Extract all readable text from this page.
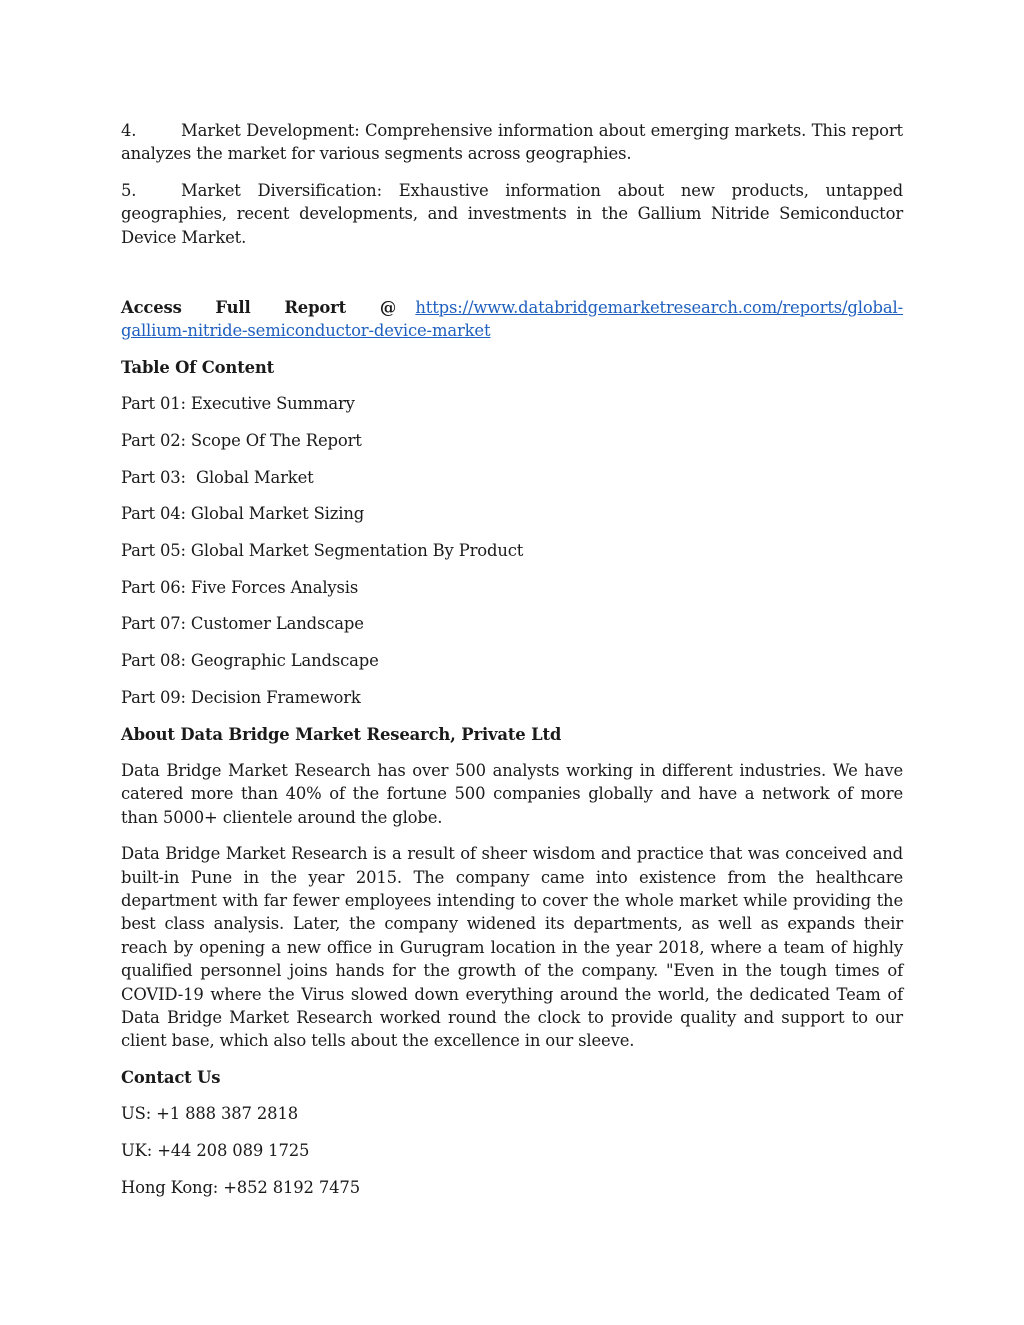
4.	Market Development: Comprehensive information about emerging markets. This report analyzes the market for various segments across geographies.

5.	Market Diversification: Exhaustive information about new products, untapped geographies, recent developments, and investments in the Gallium Nitride Semiconductor Device Market.

Access Full Report @ https://www.databridgemarketresearch.com/reports/global-gallium-nitride-semiconductor-device-market

Table Of Content

Part 01: Executive Summary

Part 02: Scope Of The Report

Part 03:  Global Market

Part 04: Global Market Sizing

Part 05: Global Market Segmentation By Product

Part 06: Five Forces Analysis

Part 07: Customer Landscape

Part 08: Geographic Landscape

Part 09: Decision Framework

About Data Bridge Market Research, Private Ltd

Data Bridge Market Research has over 500 analysts working in different industries. We have catered more than 40% of the fortune 500 companies globally and have a network of more than 5000+ clientele around the globe.

Data Bridge Market Research is a result of sheer wisdom and practice that was conceived and built-in Pune in the year 2015. The company came into existence from the healthcare department with far fewer employees intending to cover the whole market while providing the best class analysis. Later, the company widened its departments, as well as expands their reach by opening a new office in Gurugram location in the year 2018, where a team of highly qualified personnel joins hands for the growth of the company. "Even in the tough times of COVID-19 where the Virus slowed down everything around the world, the dedicated Team of Data Bridge Market Research worked round the clock to provide quality and support to our client base, which also tells about the excellence in our sleeve.

Contact Us

US: +1 888 387 2818

UK: +44 208 089 1725

Hong Kong: +852 8192 7475
